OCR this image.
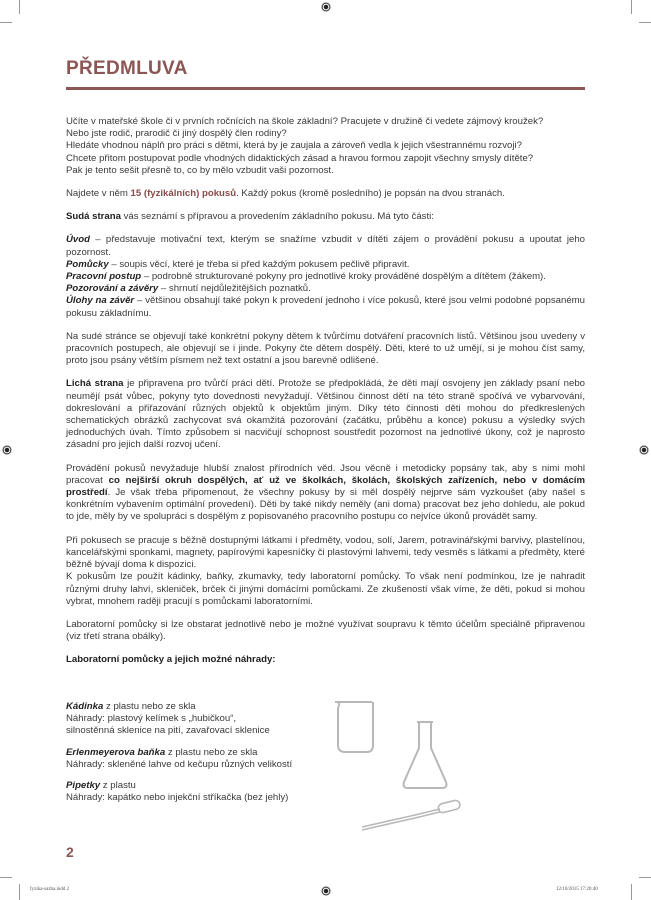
PŘEDMLUVA

Učíte v mateřské škole či v prvních ročnících na škole základní? Pracujete v družině či vedete zájmový kroužek?
Nebo jste rodič, prarodič či jiný dospělý člen rodiny?
Hledáte vhodnou náplň pro práci s dětmi, která by je zaujala a zároveň vedla k jejich všestrannému rozvoji?
Chcete přitom postupovat podle vhodných didaktických zásad a hravou formou zapojit všechny smysly dítěte?
Pak je tento sešit přesně to, co by mělo vzbudit vaši pozornost.

Najdete v něm 15 (fyzikálních) pokusů. Každý pokus (kromě posledního) je popsán na dvou stranách.

Sudá strana vás seznámí s přípravou a provedením základního pokusu. Má tyto části:

Úvod – představuje motivační text, kterým se snažíme vzbudit v dítěti zájem o provádění pokusu a upoutat jeho pozornost.
Pomůcky – soupis věcí, které je třeba si před každým pokusem pečlivě připravit.
Pracovní postup – podrobně strukturované pokyny pro jednotlivé kroky prováděné dospělým a dítětem (žákem).
Pozorování a závěry – shrnutí nejdůležitějších poznatků.
Úlohy na závěr – většinou obsahují také pokyn k provedení jednoho i více pokusů, které jsou velmi podobné popsanému pokusu základnímu.

Na sudé stránce se objevují také konkrétní pokyny dětem k tvůrčímu dotváření pracovních listů. Většinou jsou uvedeny v pracovních postupech, ale objevují se i jinde. Pokyny čte dětem dospělý. Děti, které to už umějí, si je mohou číst samy, proto jsou psány větším písmem než text ostatní a jsou barevně odlišené.

Lichá strana je připravena pro tvůrčí práci dětí. Protože se předpokládá, že děti mají osvojeny jen základy psaní nebo neumějí psát vůbec, pokyny tyto dovednosti nevyžadují. Většinou činnost dětí na této straně spočívá ve vybarvování, dokreslování a přiřazování různých objektů k objektům jiným. Díky této činnosti děti mohou do předkreslených schematických obrázků zachycovat svá okamžitá pozorování (začátku, průběhu a konce) pokusu a výsledky svých jednoduchých úvah. Tímto způsobem si nacvičují schopnost soustředit pozornost na jednotlivé úkony, což je naprosto zásadní pro jejich další rozvoj učení.

Provádění pokusů nevyžaduje hlubší znalost přírodních věd. Jsou věcně i metodicky popsány tak, aby s nimi mohl pracovat co nejširší okruh dospělých, ať už ve školkách, školách, školských zařízeních, nebo v domácím prostředí. Je však třeba připomenout, že všechny pokusy by si měl dospělý nejprve sám vyzkoušet (aby našel s konkrétním vybavením optimální provedení). Děti by také nikdy neměly (ani doma) pracovat bez jeho dohledu, ale pokud to jde, měly by ve spolupráci s dospělým z popisovaného pracovního postupu co nejvíce úkonů provádět samy.

Při pokusech se pracuje s běžně dostupnými látkami i předměty, vodou, solí, Jarem, potravinářskými barvivy, plastelínou, kancelářskými sponkami, magnety, papírovými kapesníčky či plastovými lahvemi, tedy vesměs s látkami a předměty, které běžně bývají doma k dispozici.

K pokusům lze použít kádinky, baňky, zkumavky, tedy laboratorní pomůcky. To však není podmínkou, lze je nahradit různými druhy lahví, skleniček, brček či jinými domácími pomůckami. Ze zkušeností však víme, že děti, pokud si mohou vybrat, mnohem raději pracují s pomůckami laboratorními.

Laboratorní pomůcky si lze obstarat jednotlivě nebo je možné využívat soupravu k těmto účelům speciálně připravenou (viz třetí strana obálky).

Laboratorní pomůcky a jejich možné náhrady:

Kádinka z plastu nebo ze skla
Náhrady: plastový kelímek s „hubičkou“,
silnostěnná sklenice na pití, zavařovací sklenice

Erlenmeyerova baňka z plastu nebo ze skla
Náhrady: skleněné lahve od kečupu různých velikostí

Pipetky z plastu
Náhrady: kapátko nebo injekční stříkačka (bez jehly)

2
fyzika-sazba.indd 2	12/10/2015 17:20:40
